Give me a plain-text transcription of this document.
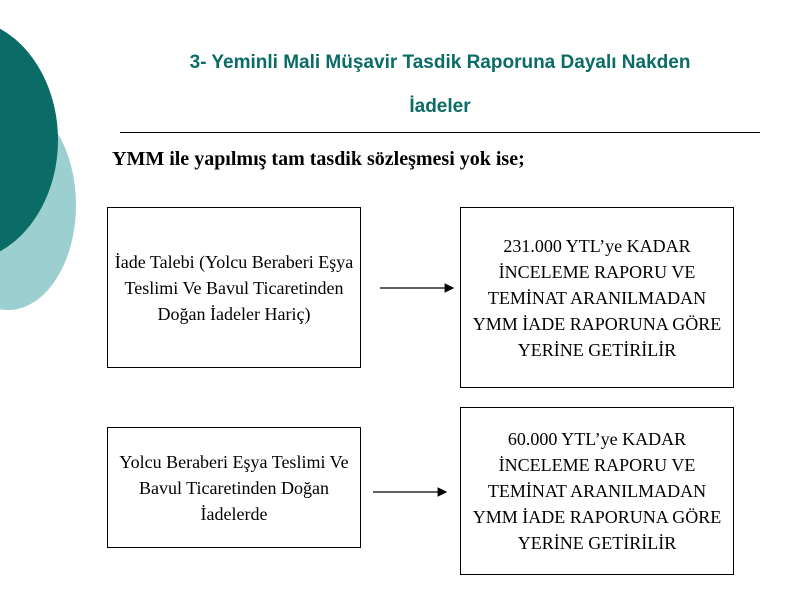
3- Yeminli Mali Müşavir Tasdik Raporuna Dayalı Nakden
İadeler
YMM ile yapılmış tam tasdik sözleşmesi yok ise;
İade Talebi (Yolcu Beraberi Eşya Teslimi Ve Bavul Ticaretinden Doğan İadeler Hariç)
231.000 YTL’ye KADAR İNCELEME RAPORU VE TEMİNAT ARANILMADAN YMM İADE RAPORUNA GÖRE YERİNE GETİRİLİR
Yolcu Beraberi Eşya Teslimi Ve Bavul Ticaretinden Doğan İadelerde
60.000 YTL’ye KADAR İNCELEME RAPORU VE TEMİNAT ARANILMADAN YMM İADE RAPORUNA GÖRE YERİNE GETİRİLİR
